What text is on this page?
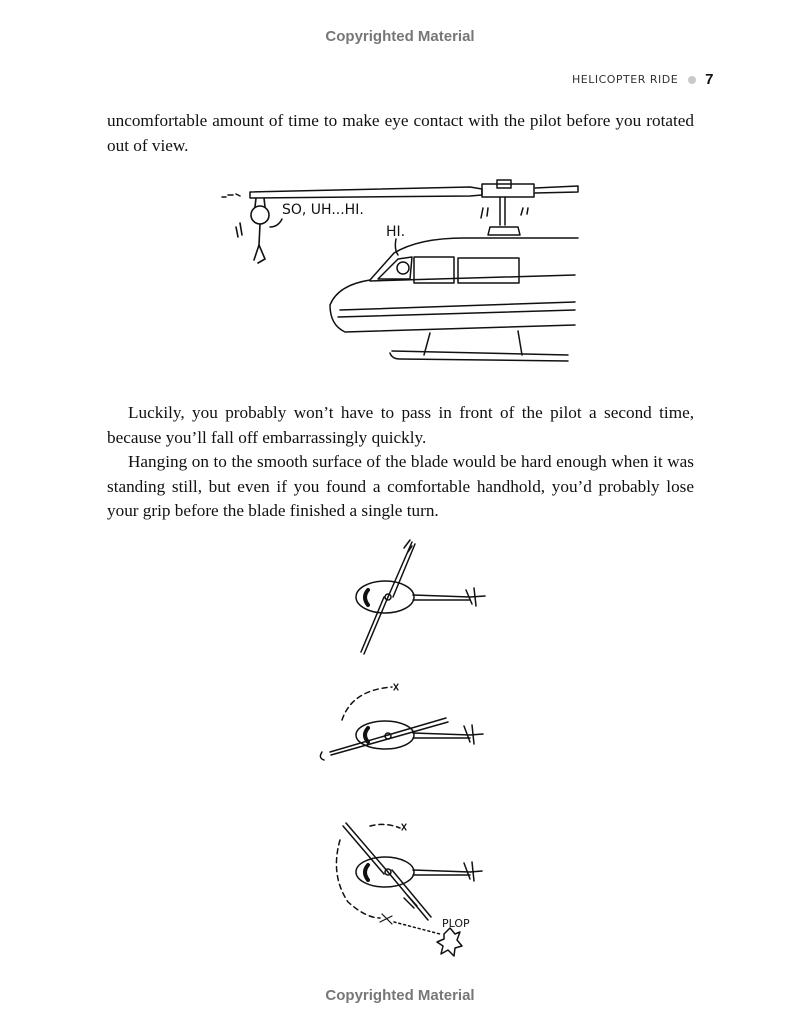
Copyrighted Material
HELICOPTER RIDE 7

uncomfortable amount of time to make eye contact with the pilot before you rotated out of view.

SO, UH...HI.
HI.

Luckily, you probably won’t have to pass in front of the pilot a second time, because you’ll fall off embarrassingly quickly.

Hanging on to the smooth surface of the blade would be hard enough when it was standing still, but even if you found a comfortable handhold, you’d probably lose your grip before the blade finished a single turn.

PLOP
Copyrighted Material
